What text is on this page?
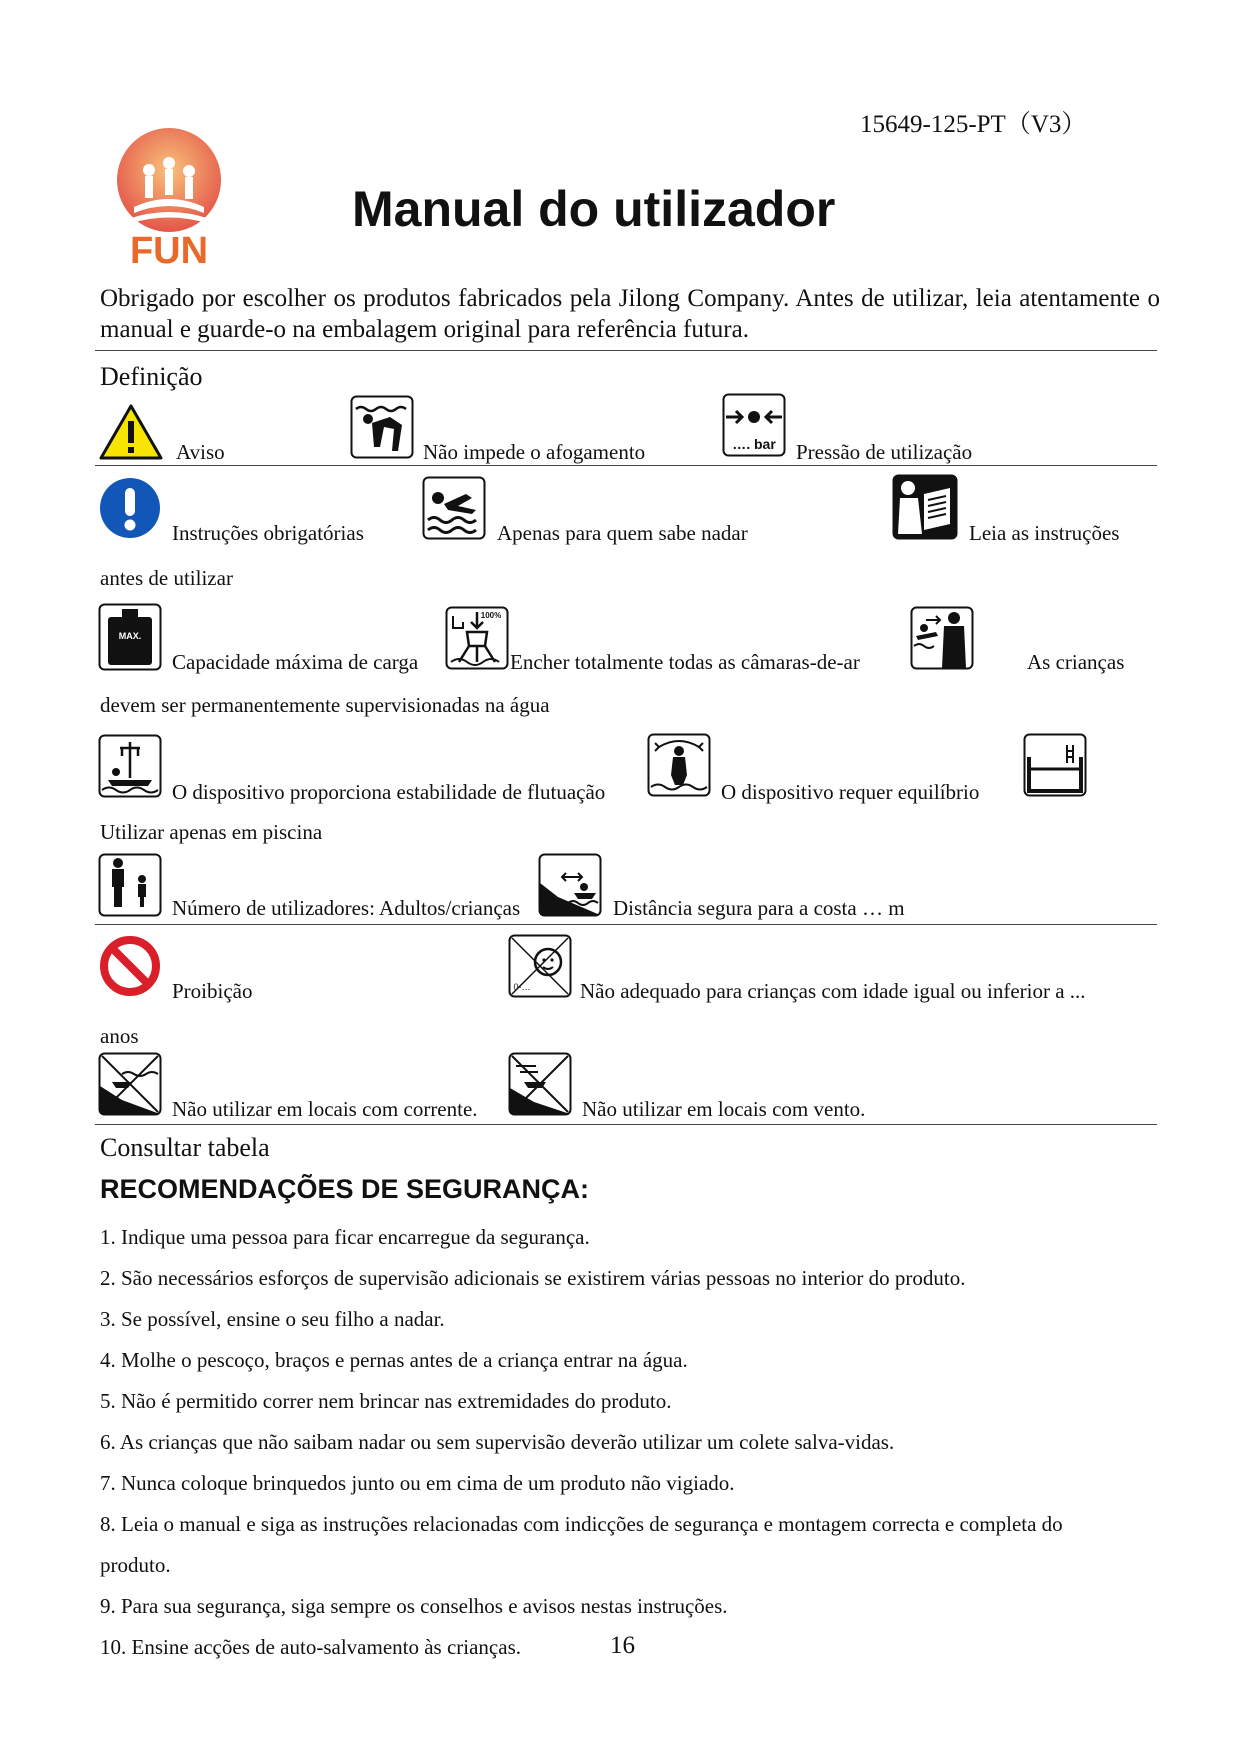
15649-125-PT（V3）
FUN
Manual do utilizador
Obrigado por escolher os produtos fabricados pela Jilong Company. Antes de utilizar, leia atentamente o manual e guarde-o na embalagem original para referência futura.
Definição
Aviso	Não impede o afogamento	…. bar Pressão de utilização
Instruções obrigatórias	Apenas para quem sabe nadar	Leia as instruções
antes de utilizar
MAX.
Capacidade máxima de carga
100%
Encher totalmente todas as câmaras-de-ar	As crianças
devem ser permanentemente supervisionadas na água
O dispositivo proporciona estabilidade de flutuação	O dispositivo requer equilíbrio
Utilizar apenas em piscina
Número de utilizadores: Adultos/crianças	Distância segura para a costa … m
Proibição	0-… Não adequado para crianças com idade igual ou inferior a ...
anos
Não utilizar em locais com corrente.	Não utilizar em locais com vento.
Consultar tabela
RECOMENDAÇÕES DE SEGURANÇA:
1. Indique uma pessoa para ficar encarregue da segurança.
2. São necessários esforços de supervisão adicionais se existirem várias pessoas no interior do produto.
3. Se possível, ensine o seu filho a nadar.
4. Molhe o pescoço, braços e pernas antes de a criança entrar na água.
5. Não é permitido correr nem brincar nas extremidades do produto.
6. As crianças que não saibam nadar ou sem supervisão deverão utilizar um colete salva-vidas.
7. Nunca coloque brinquedos junto ou em cima de um produto não vigiado.
8. Leia o manual e siga as instruções relacionadas com indicções de segurança e montagem correcta e completa do
produto.
9. Para sua segurança, siga sempre os conselhos e avisos nestas instruções.
10. Ensine acções de auto-salvamento às crianças.	16
